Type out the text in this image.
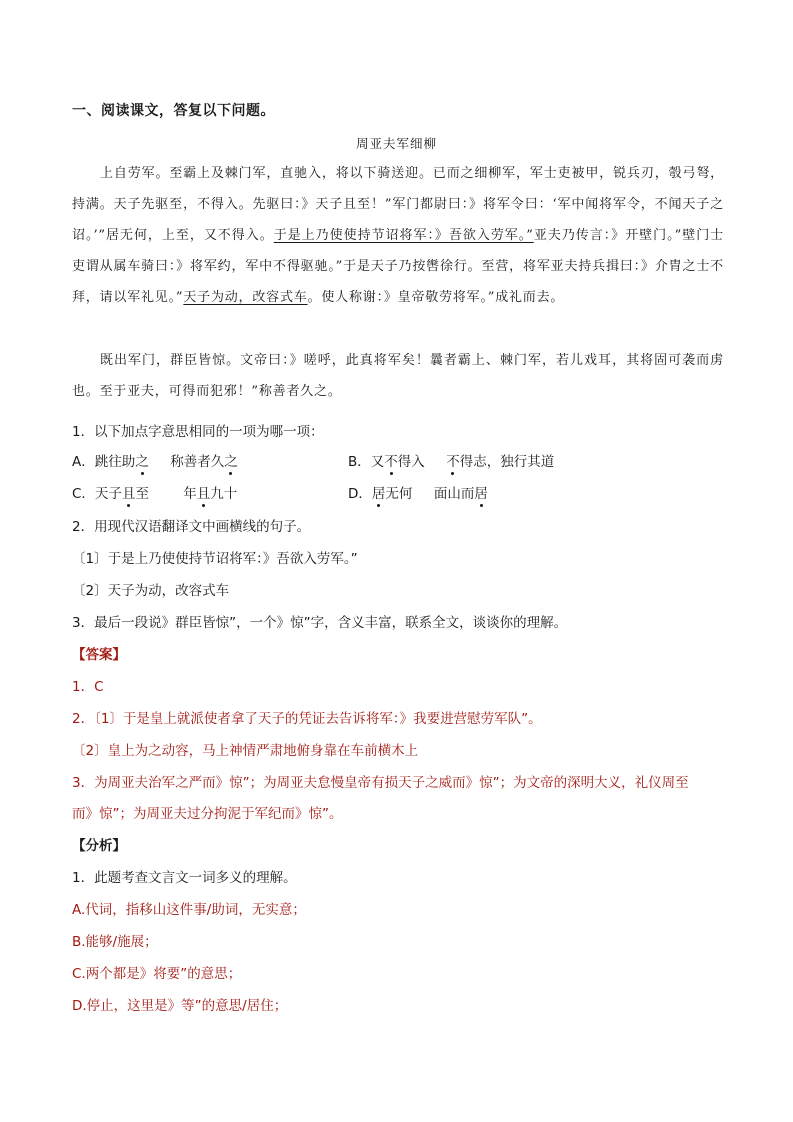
一、阅读课文，答复以下问题。
周亚夫军细柳
上自劳军。至霸上及棘门军，直驰入，将以下骑送迎。已而之细柳军，军士吏被甲，锐兵刃，彀弓弩，持满。天子先驱至，不得入。先驱曰：》天子且至！”军门都尉曰：》将军令曰：‘军中闻将军令，不闻天子之诏。’”居无何，上至，又不得入。于是上乃使使持节诏将军：》吾欲入劳军。”亚夫乃传言：》开壁门。”壁门士吏谓从属车骑曰：》将军约，军中不得驱驰。”于是天子乃按辔徐行。至营，将军亚夫持兵揖曰：》介胄之士不拜，请以军礼见。”天子为动，改容式车。使人称谢：》皇帝敬劳将军。”成礼而去。
既出军门，群臣皆惊。文帝曰：》嗟呼，此真将军矣！曩者霸上、棘门军，若儿戏耳，其将固可袭而虏也。至于亚夫，可得而犯邪！”称善者久之。
1．以下加点字意思相同的一项为哪一项：
A．跳往助之     称善者久之	B．又不得入     不得志，独行其道
C．天子且至        年且九十	D．居无何     面山而居
2．用现代汉语翻译文中画横线的句子。
〔1〕于是上乃使使持节诏将军：》吾欲入劳军。”
〔2〕天子为动，改容式车
3．最后一段说》群臣皆惊”，一个》惊”字，含义丰富，联系全文，谈谈你的理解。
【答案】
1．C
2．〔1〕于是皇上就派使者拿了天子的凭证去告诉将军：》我要进营慰劳军队”。
〔2〕皇上为之动容，马上神情严肃地俯身靠在车前横木上
3．为周亚夫治军之严而》惊”；为周亚夫怠慢皇帝有损天子之威而》惊”；为文帝的深明大义，礼仪周至
而》惊”；为周亚夫过分拘泥于军纪而》惊”。
【分析】
1．此题考查文言文一词多义的理解。
A.代词，指移山这件事/助词，无实意；
B.能够/施展；
C.两个都是》将要”的意思；
D.停止，这里是》等”的意思/居住；
